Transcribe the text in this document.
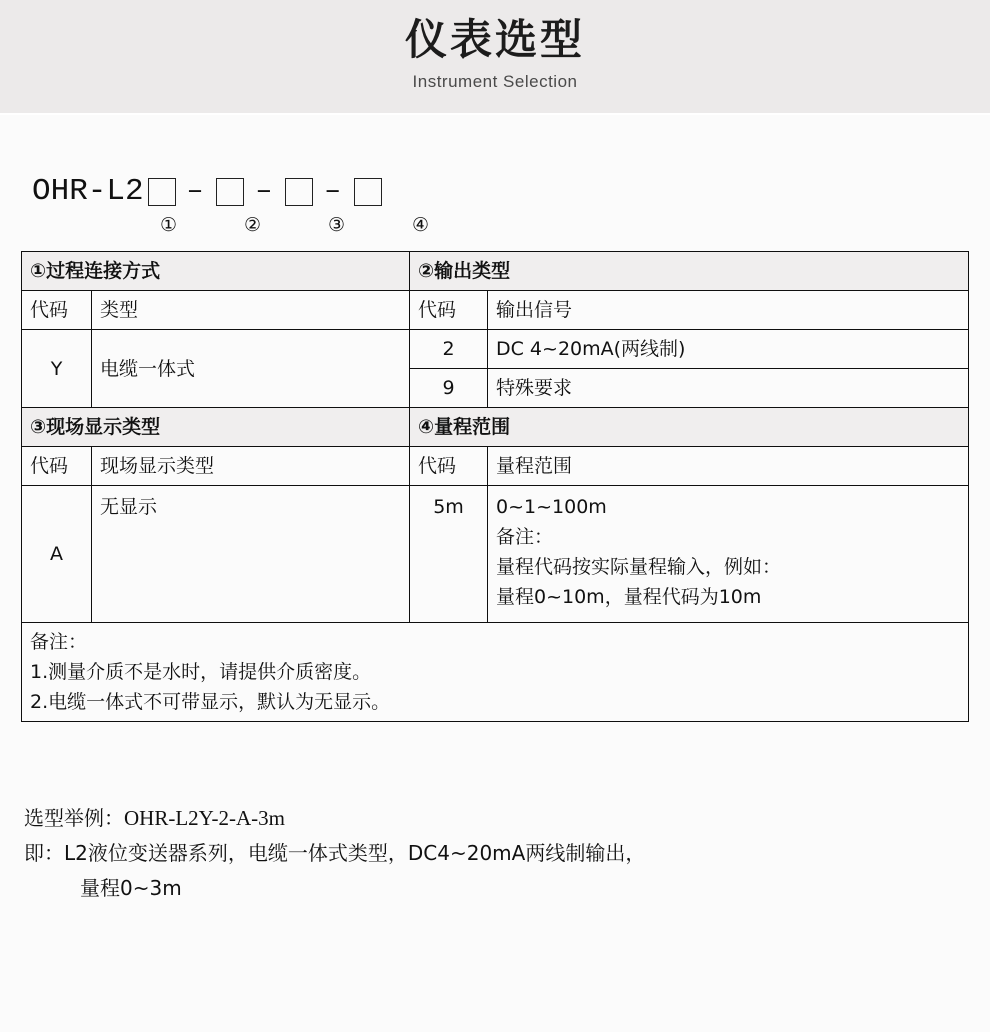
仪表选型
Instrument Selection
OHR-L2 – – –
①	②	③	④
①过程连接方式		②输出类型	
代码	类型	代码	输出信号
Y	电缆一体式	2	DC 4~20mA(两线制)
		9	特殊要求
③现场显示类型		④量程范围	
代码	现场显示类型	代码	量程范围
A	无显示	5m	0~1~100m
备注：
量程代码按实际量程输入，例如：
量程0~10m，量程代码为10m

备注：
1.测量介质不是水时，请提供介质密度。
2.电缆一体式不可带显示，默认为无显示。			
选型举例：OHR-L2Y-2-A-3m
即：L2液位变送器系列，电缆一体式类型，DC4~20mA两线制输出，
量程0~3m
